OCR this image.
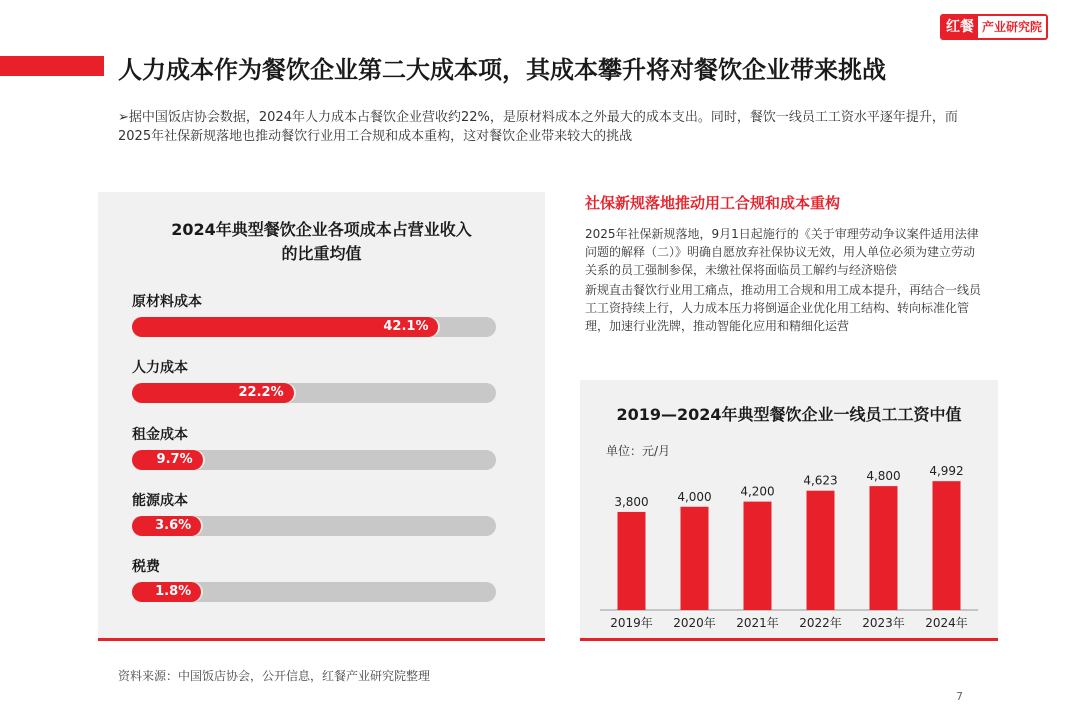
红餐 产业研究院
人力成本作为餐饮企业第二大成本项，其成本攀升将对餐饮企业带来挑战
➢据中国饭店协会数据，2024年人力成本占餐饮企业营收约22%，是原材料成本之外最大的成本支出。同时，餐饮一线员工工资水平逐年提升，而2025年社保新规落地也推动餐饮行业用工合规和成本重构，这对餐饮企业带来较大的挑战
2024年典型餐饮企业各项成本占营业收入
的比重均值
原材料成本
42.1%
人力成本
22.2%
租金成本
9.7%
能源成本
3.6%
税费
1.8%
社保新规落地推动用工合规和成本重构
2025年社保新规落地，9月1日起施行的《关于审理劳动争议案件适用法律问题的解释（二）》明确自愿放弃社保协议无效，用人单位必须为建立劳动关系的员工强制参保，未缴社保将面临员工解约与经济赔偿
新规直击餐饮行业用工痛点，推动用工合规和用工成本提升，再结合一线员工工资持续上行，人力成本压力将倒逼企业优化用工结构、转向标准化管理，加速行业洗牌，推动智能化应用和精细化运营
2019—2024年典型餐饮企业一线员工工资中值
单位：元/月
3,800
2019年
4,000
2020年
4,200
2021年
4,623
2022年
4,800
2023年
4,992
2024年
资料来源：中国饭店协会，公开信息，红餐产业研究院整理
7
